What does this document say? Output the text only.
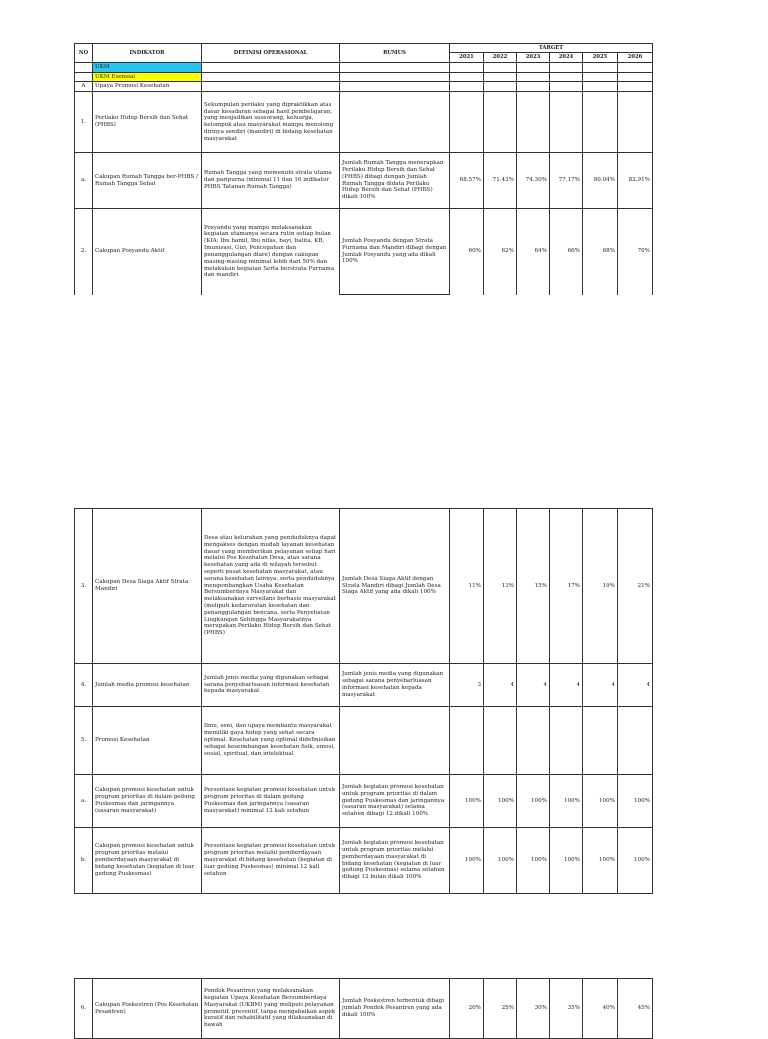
NO	INDIKATOR	DEFINISI OPERASIONAL	RUMUS	TARGET					
				2021	2022	2023	2024	2025	2026
	UKM								
	UKM Esensial								
A	Upaya Promosi Kesehatan								
1.	Perilaku Hidup Bersih dan Sehat (PHBS)	Sekumpulan perilaku yang dipraktikkan atas dasar kesadaran sebagai hasil pembelajaran, yang menjadikan seseorang, keluarga, kelompok atau masyarakat mampu menolong dirinya sendiri (mandiri) di bidang kesehatan masyarakat							
a.	Cakupan Rumah Tangga ber-PHBS / Rumah Tangga Sehat	Rumah Tangga yang memenuhi strata utama dan paripurna (minimal 11 dan 16 indikator PHBS Tatanan Rumah Tangga)	Jumlah Rumah Tangga menerapkan Perilaku Hidup Bersih dan Sehat (PHBS) dibagi dengan Jumlah Rumah Tangga didata Perilaku Hidup Bersih dan Sehat (PHBS) dikali 100%	68.57%	71.43%	74.30%	77.17%	80.04%	82.91%
2.	Cakupan Posyandu Aktif	Posyandu yang mampu melaksanakan kegiatan utamanya secara rutin setiap bulan (KIA: Ibu hamil, Ibu nifas, bayi, balita, KB, Imunisasi, Gizi, Pencegahan dan penanggulangan diare) dengan cakupan masing-masing minimal lebih dari 50% dan melakukan kegiatan Serta berstrata Purnama dan mandiri	Jumlah Posyandu dengan Strata Purnama dan Mandiri dibagi dengan Jumlah Posyandu yang ada dikali 100%	60%	62%	64%	66%	68%	70%
3.	Cakupan Desa Siaga Aktif Strata Mandiri	Desa atau kelurahan yang penduduknya dapat mengakses dengan mudah layanan kesehatan dasar yang memberikan pelayanan setiap hari melalui Pos Kesehatan Desa, atau sarana kesehatan yang ada di wilayah tersebut seperti pusat kesehatan masyarakat, atau sarana kesehatan lainnya, serta penduduknya mengembangkan Usaha Kesehatan Bersumberdaya Masyarakat dan melaksanakan surveilans berbasis masyarakat (meliputi kedaruratan kesehatan dan penanggulangan bencana, serta Penyehatan Lingkungan Sehingga Masyarakatnya merupakan Perilaku Hidup Bersih dan Sehat (PHBS)	Jumlah Desa Siaga Aktif dengan Strata Mandiri dibagi Jumlah Desa Siaga Aktif yang ada dikali 100%	11%	13%	15%	17%	19%	21%
4.	Jumlah media promosi kesehatan	Jumlah jenis media yang digunakan sebagai sarana penyebarluasan informasi kesehatan kepada masyarakat	Jumlah jenis media yang digunakan sebagai sarana penyebarluasan informasi kesehatan kepada masyarakat	3	4	4	4	4	4
5.	Promosi Kesehatan	Ilmu, seni, dan upaya membantu masyarakat memiliki gaya hidup yang sehat secara optimal. Kesehatan yang optimal didefinisikan sebagai keseimbangan kesehatan fisik, emosi, sosial, spiritual, dan intelektual							
a.	Cakupan promosi kesehatan untuk program prioritas di dalam gedung Puskesmas dan jaringannya (sasaran masyarakat)	Persentase kegiatan promosi kesehatan untuk program prioritas di dalam gedung Puskesmas dan jaringannya (sasaran masyarakat) minimal 12 kali setahun	Jumlah kegiatan promosi kesehatan untuk program prioritas di dalam gedung Puskesmas dan jaringannya (sasaran masyarakat) selama setahun dibagi 12 dikali 100%	100%	100%	100%	100%	100%	100%
b.	Cakupan promosi kesehatan untuk program prioritas melalui pemberdayaan masyarakat di bidang kesehatan (kegiatan di luar gedung Puskesmas)	Persentase kegiatan promosi kesehatan untuk program prioritas melalui pemberdayaan masyarakat di bidang kesehatan (kegiatan di luar gedung Puskesmas) minimal 12 kali setahun	Jumlah kegiatan promosi kesehatan untuk program prioritas melalui pemberdayaan masyarakat di bidang kesehatan (kegiatan di luar gedung Puskesmas) selama setahun dibagi 12 bulan dikali 100%	100%	100%	100%	100%	100%	100%
6.	Cakupan Poskestren (Pos Kesehatan Pesantren)	Pondok Pesantren yang melaksanakan kegiatan Upaya Kesehatan Bersumberdaya Masyarakat (UKBM) yang meliputi pelayanan promotif, preventif, tanpa mengabaikan aspek kuratif dan rehabilitatif yang dilaksanakan di bawah	Jumlah Poskestren terbentuk dibagi jumlah Pondok Pesantren yang ada dikali 100%	20%	25%	30%	35%	40%	45%
